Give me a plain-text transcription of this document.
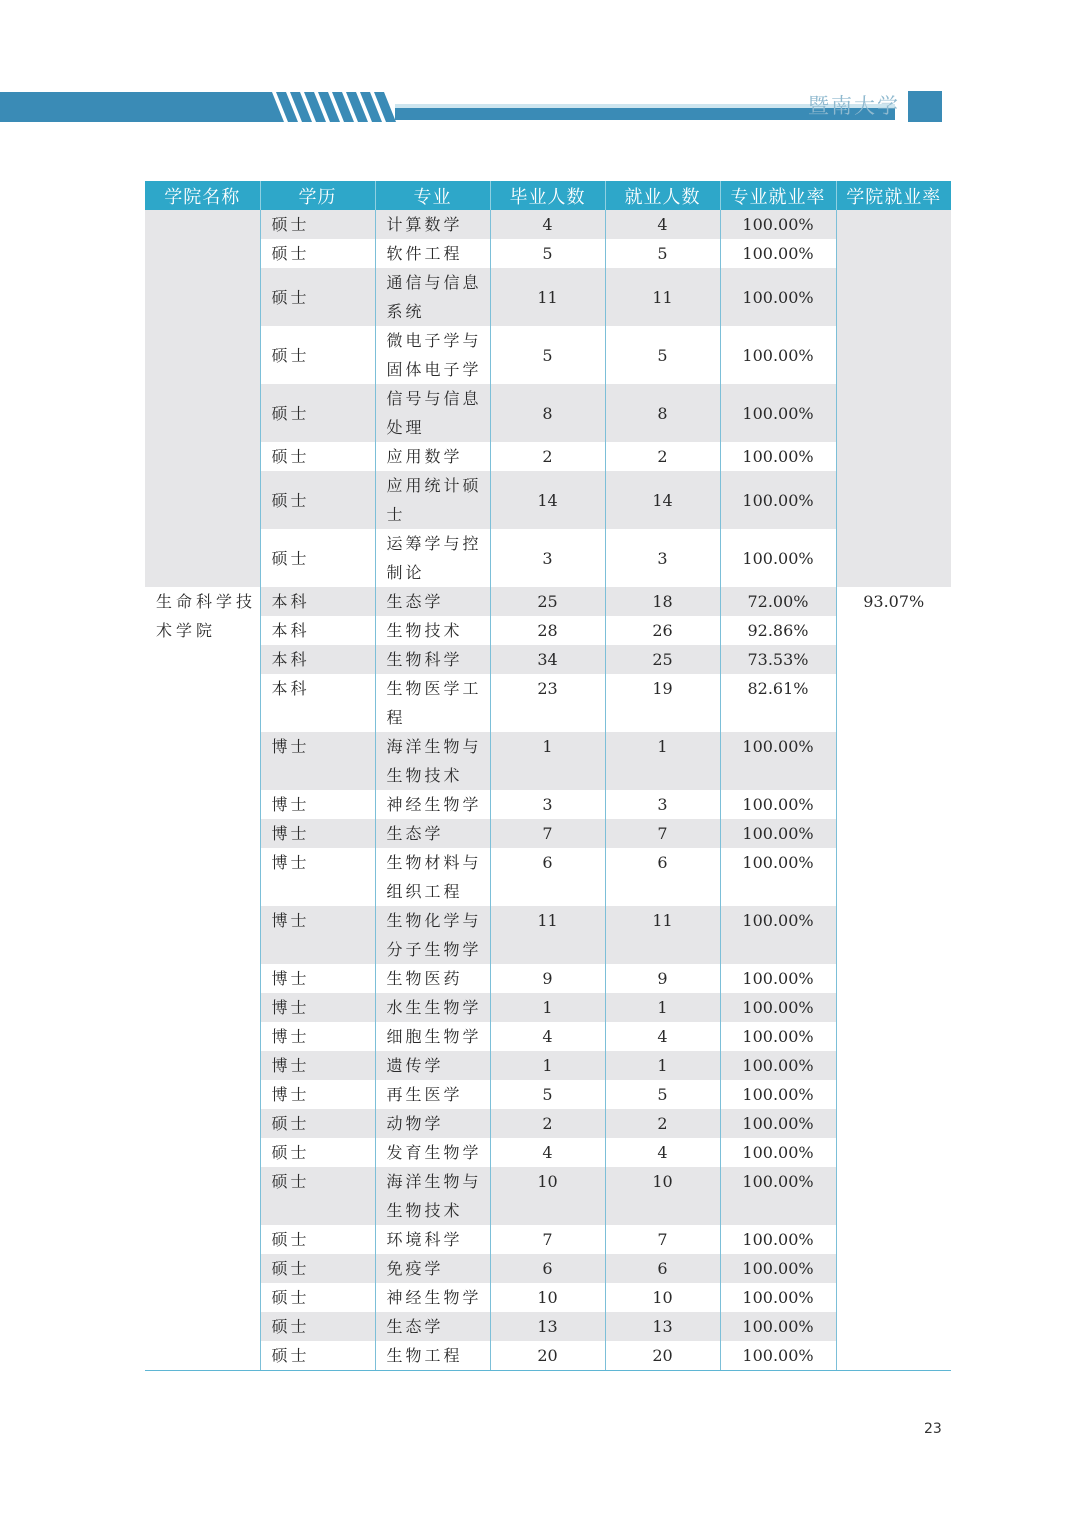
暨南大学
学院名称	学历	专业	毕业人数	就业人数	专业就业率	学院就业率
	硕士	计算数学	4	4	100.00%	
	硕士	软件工程	5	5	100.00%	
	硕士	通信与信息系统	11	11	100.00%	
	硕士	微电子学与固体电子学	5	5	100.00%	
	硕士	信号与信息处理	8	8	100.00%	
	硕士	应用数学	2	2	100.00%	
	硕士	应用统计硕士	14	14	100.00%	
	硕士	运筹学与控制论	3	3	100.00%	
生命科学技术学院	本科	生态学	25	18	72.00%	93.07%
	本科	生物技术	28	26	92.86%	
	本科	生物科学	34	25	73.53%	
	本科	生物医学工程	23	19	82.61%	
	博士	海洋生物与生物技术	1	1	100.00%	
	博士	神经生物学	3	3	100.00%	
	博士	生态学	7	7	100.00%	
	博士	生物材料与组织工程	6	6	100.00%	
	博士	生物化学与分子生物学	11	11	100.00%	
	博士	生物医药	9	9	100.00%	
	博士	水生生物学	1	1	100.00%	
	博士	细胞生物学	4	4	100.00%	
	博士	遗传学	1	1	100.00%	
	博士	再生医学	5	5	100.00%	
	硕士	动物学	2	2	100.00%	
	硕士	发育生物学	4	4	100.00%	
	硕士	海洋生物与生物技术	10	10	100.00%	
	硕士	环境科学	7	7	100.00%	
	硕士	免疫学	6	6	100.00%	
	硕士	神经生物学	10	10	100.00%	
	硕士	生态学	13	13	100.00%	
	硕士	生物工程	20	20	100.00%	
23
